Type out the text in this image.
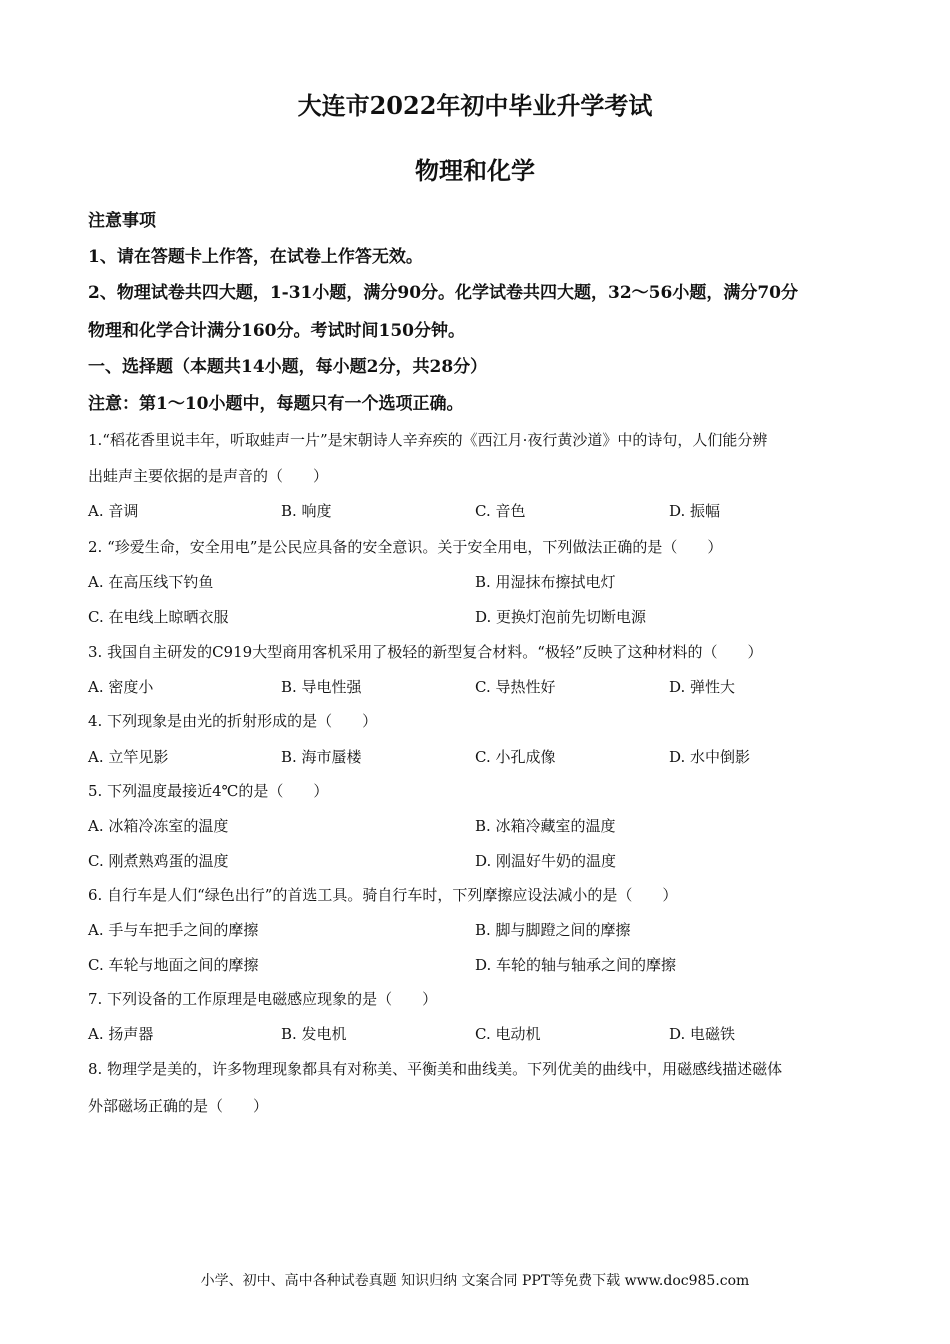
大连市2022年初中毕业升学考试
物理和化学
注意事项
1、请在答题卡上作答，在试卷上作答无效。
2、物理试卷共四大题，1-31小题，满分90分。化学试卷共四大题，32～56小题，满分70分
物理和化学合计满分160分。考试时间150分钟。
一、选择题（本题共14小题，每小题2分，共28分）
注意：第1～10小题中，每题只有一个选项正确。
1.“稻花香里说丰年，听取蛙声一片”是宋朝诗人辛弃疾的《西江月·夜行黄沙道》中的诗句，人们能分辨
出蛙声主要依据的是声音的（　　）
A. 音调	B. 响度	C. 音色	D. 振幅
2. “珍爱生命，安全用电”是公民应具备的安全意识。关于安全用电，下列做法正确的是（　　）
A. 在高压线下钓鱼	B. 用湿抹布擦拭电灯
C. 在电线上晾晒衣服	D. 更换灯泡前先切断电源
3. 我国自主研发的C919大型商用客机采用了极轻的新型复合材料。“极轻”反映了这种材料的（　　）
A. 密度小	B. 导电性强	C. 导热性好	D. 弹性大
4. 下列现象是由光的折射形成的是（　　）
A. 立竿见影	B. 海市蜃楼	C. 小孔成像	D. 水中倒影
5. 下列温度最接近4℃的是（　　）
A. 冰箱冷冻室的温度	B. 冰箱冷藏室的温度
C. 刚煮熟鸡蛋的温度	D. 刚温好牛奶的温度
6. 自行车是人们“绿色出行”的首选工具。骑自行车时，下列摩擦应设法减小的是（　　）
A. 手与车把手之间的摩擦	B. 脚与脚蹬之间的摩擦
C. 车轮与地面之间的摩擦	D. 车轮的轴与轴承之间的摩擦
7. 下列设备的工作原理是电磁感应现象的是（　　）
A. 扬声器	B. 发电机	C. 电动机	D. 电磁铁
8. 物理学是美的，许多物理现象都具有对称美、平衡美和曲线美。下列优美的曲线中，用磁感线描述磁体
外部磁场正确的是（　　）
小学、初中、高中各种试卷真题 知识归纳 文案合同 PPT等免费下载 www.doc985.com
